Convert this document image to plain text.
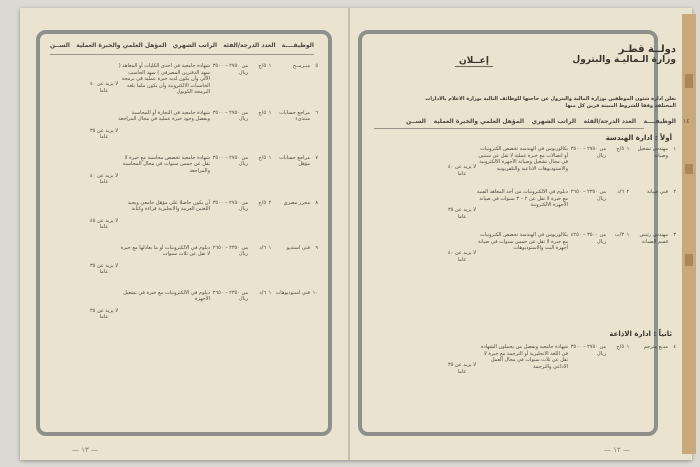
الوظيفــــة
العدد الدرجة/الفئة
الراتب الشهري
المؤهل العلمي والخبرة العملية
الســن
٥
مبـرمــج
١
٥/ج
من ٢٧٥٠ – ٣٥٠٠ ريال
شهادة جامعية في احدى الكليات أو المعاهد ( سهد الدفترين المصرفي ) سهد الحاسب الآلي وأن يكون لديه خبرة عملية في برمجة الحاسبات الالكترونية وأن يكون ملما بلغة البرمجة الكوبول
لا يزيد عن ٤٠ عاما
٦
مراجع حسابات مبتدىء
١
٥/ج
من ٢٧٥٠ – ٣٥٠٠ ريال
شهادة جامعية في التجارة أو المحاسبة ويفضل وجود خبرة عملية في مجال المراجعة
لا يزيد عن ٣٥ عاما
٧
مراجع حسابات مؤهل
١
٥/ج
من ٢٧٥٠ – ٣٥٠٠ ريال
شهادة جامعية تخصص محاسبة مع خبرة لا تقل عن خمس سنوات في مجال المحاسبة والمراجعة
لا يزيد عن ٤٠ عاما
٨
محرر مصري
٢
٥/ج
من ٢٧٥٠ – ٣٥٠٠ ريال
أن يكون حاصلا على مؤهل جامعي ويجيد اللغتين العربية والانجليزية قراءة وكتابة
لا يزيد عن ٤٥ عاما
٩
فني استديو
١
٦/د
من ٢٣٥٠ – ٢٦٥٠ ريال
دبلوم في الالكترونيات أو ما يعادلها مع خبرة لا تقل عن ثلاث سنوات
لا يزيد عن ٣٥ عاما
١٠
فني استوديوهات
١
٦/د
من ٢٣٥٠ – ٢٦٥٠ ريال
دبلوم في الالكترونيات مع خبرة في تشغيل الأجهزة
لا يزيد عن ٣٥ عاما
— ١٣ —
دولــة قطـر
وزارة الـماليـة والبترول
إعــلان
تعلن ادارة شئون الموظفين بوزارة المالية والبترول عن حاجتها للوظائف التالية بوزارة الاعلام بالادارات المختلفة وفقا للشروط المبينة قرين كل منها
الوظيفــــة
العدد الدرجة/الفئة
الراتب الشهري
المؤهل العلمي والخبرة العملية
الســن
أولاً : ادارة الهندسة
١
مهندس تشغيل وصيانة
١
٥/ج
من ٢٧٥٠ – ٣٥٠٠ ريال
بكالوريوس في الهندسة تخصص الكترونيات أو اتصالات مع خبرة عملية لا تقل عن سنتين في مجال تشغيل وصيانة الأجهزة الالكترونية والاستوديوهات الاذاعية والتلفزيونية
لا يزيد عن ٤٠ عاما
٢
فني صيانة
٢
٦/د
من ٢٣٥٠ – ٢٦٥٠ ريال
دبلوم في الالكترونيات من أحد المعاهد الفنية مع خبرة لا تقل عن ٢ – ٣ سنوات في صيانة الأجهزة الالكترونية
لا يزيد عن ٣٥ عاما
٣
مهندس رئيس قسم الصيانة
١
٣/ب
من ٣٥٠٠ – ٤٢٥٠ ريال
بكالوريوس في الهندسة تخصص الكترونيات مع خبرة لا تقل عن خمس سنوات في صيانة أجهزة البث والاستوديوهات
لا يزيد عن ٤٠ عاما
ثانياً : ادارة الاذاعة
٤
مذيع مترجم
١
٥/ج
من ٢٧٥٠ – ٣٥٠٠ ريال
شهادة جامعية ويفضل من يحملون الشهادة في اللغة الانجليزية أو الترجمة مع خبرة لا تقل عن ثلاث سنوات في مجال العمل الاذاعي والترجمة
لا يزيد عن ٣٥ عاما
— ١٢ —
١٤
